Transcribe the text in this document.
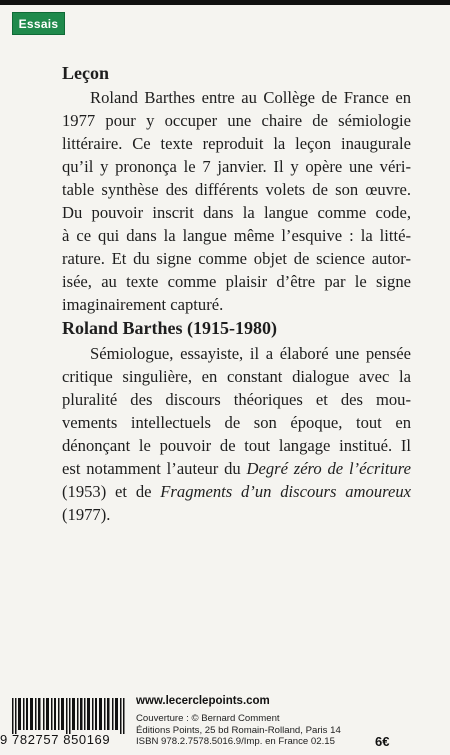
Essais
Leçon

Roland Barthes entre au Collège de France en
1977 pour y occuper une chaire de sémiologie
littéraire. Ce texte reproduit la leçon inaugurale
qu’il y prononça le 7 janvier. Il y opère une véri-
table synthèse des différents volets de son œuvre.
Du pouvoir inscrit dans la langue comme code,
à ce qui dans la langue même l’esquive : la litté-
rature. Et du signe comme objet de science autor-
isée, au texte comme plaisir d’être par le signe
imaginairement capturé.

Roland Barthes (1915-1980)

Sémiologue, essayiste, il a élaboré une pensée
critique singulière, en constant dialogue avec la
pluralité des discours théoriques et des mou-
vements intellectuels de son époque, tout en
dénonçant le pouvoir de tout langage institué. Il
est notamment l’auteur du Degré zéro de l’écriture
(1953) et de Fragments d’un discours amoureux
(1977).

9 782757 850169
www.lecerclepoints.com

Couverture : © Bernard Comment
Éditions Points, 25 bd Romain-Rolland, Paris 14
ISBN 978.2.7578.5016.9/Imp. en France 02.15	6€
